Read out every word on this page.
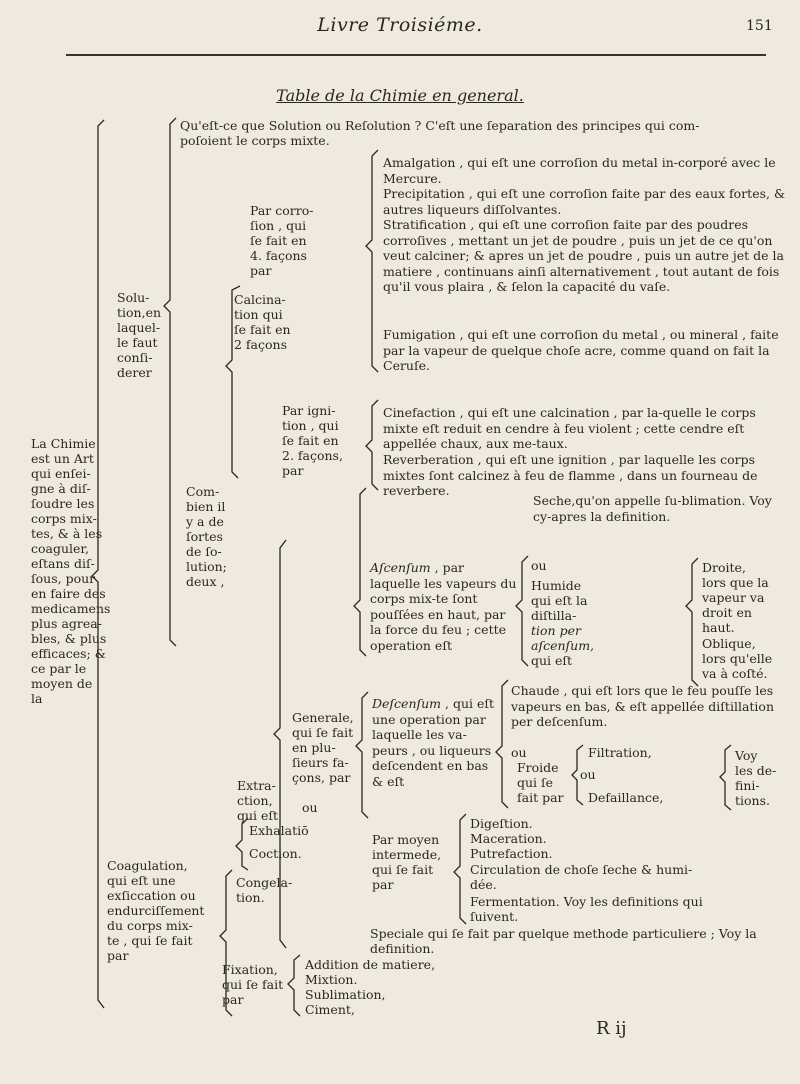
Livre Troisiéme.	151
Table de la Chimie en general.
Qu'eſt-ce que Solution ou Reſolution ? C'eſt une ſeparation des principes qui com-
poſoient le corps mixte.
La Chimie
est un Art
qui enſei-
gne à diſ-
ſoudre les
corps mix-
tes, & à les
coaguler,
eſtans diſ-
ſous, pour
en faire des
medicamens
plus agrea-
bles, & plus
efficaces; &
ce par le
moyen de
la
Solu-
tion,en
laquel-
le faut
conſi-
derer
Com-
bien il
y a de
ſortes
de ſo-
lution;
deux ,
Calcina-
tion qui
ſe fait en
2 façons
Par corro-
ſion , qui
ſe fait en
4. façons
par
Amalgation , qui eſt une corroſion du metal in-corporé avec le Mercure.
Precipitation , qui eſt une corroſion faite par des eaux fortes, & autres liqueurs diſſolvantes.
Stratification , qui eſt une corroſion faite par des poudres corroſives , mettant un jet de poudre , puis un jet de ce qu'on veut calciner; & apres un jet de poudre , puis un autre jet de la matiere , continuans ainſi alternativement , tout autant de fois qu'il vous plaira , & ſelon la capacité du vaſe.
Fumigation , qui eſt une corroſion du metal , ou mineral , faite par la vapeur de quelque choſe acre, comme quand on fait la Ceruſe.
Par igni-
tion , qui
ſe fait en
2. façons,
par
Cinefaction , qui eſt une calcination , par la-quelle le corps mixte eſt reduit en cendre à feu violent ; cette cendre eſt appellée chaux, aux me-taux.
Reverberation , qui eſt une ignition , par laquelle les corps mixtes ſont calcinez à feu de flamme , dans un fourneau de reverbere.
Seche,qu'on appelle ſu-blimation. Voy cy-apres la definition.
Aſcenſum , par laquelle les vapeurs du corps mix-te ſont pouſſées en haut, par la force du feu ; cette operation eſt
ou
Humide
qui eſt la
diſtilla-
tion per
aſcenſum,
qui eſt
Droite,
lors que la
vapeur va
droit en
haut.
Oblique,
lors qu'elle
va à coſté.
Generale,
qui ſe fait
en plu-
ſieurs fa-
çons, par
Deſcenſum , qui eſt une operation par laquelle les va-peurs , ou liqueurs deſcendent en bas & eſt
Chaude , qui eſt lors que le feu pouſſe les vapeurs en bas, & eſt appellée diſtillation per deſcenſum.
ou
Froide
qui ſe
fait par
Filtration,
ou
Defaillance,
Voy
les de-
fini-
tions.
Extra-
ction,
qui eſt
ou
Exhalatiō
Coction.
Par moyen
intermede,
qui ſe fait
par
Digeſtion.
Maceration.
Putrefaction.
Circulation de choſe ſeche & humi-
dée.
Fermentation. Voy les definitions qui
ſuivent.
Speciale qui ſe fait par quelque methode particuliere ; Voy la
definition.
Coagulation,
qui eſt une
exſiccation ou
endurciſſement
du corps mix-
te , qui ſe fait
par
Congela-
tion.
Fixation,
qui ſe fait
par
Addition de matiere,
Mixtion.
Sublimation,
Ciment,
R ij
